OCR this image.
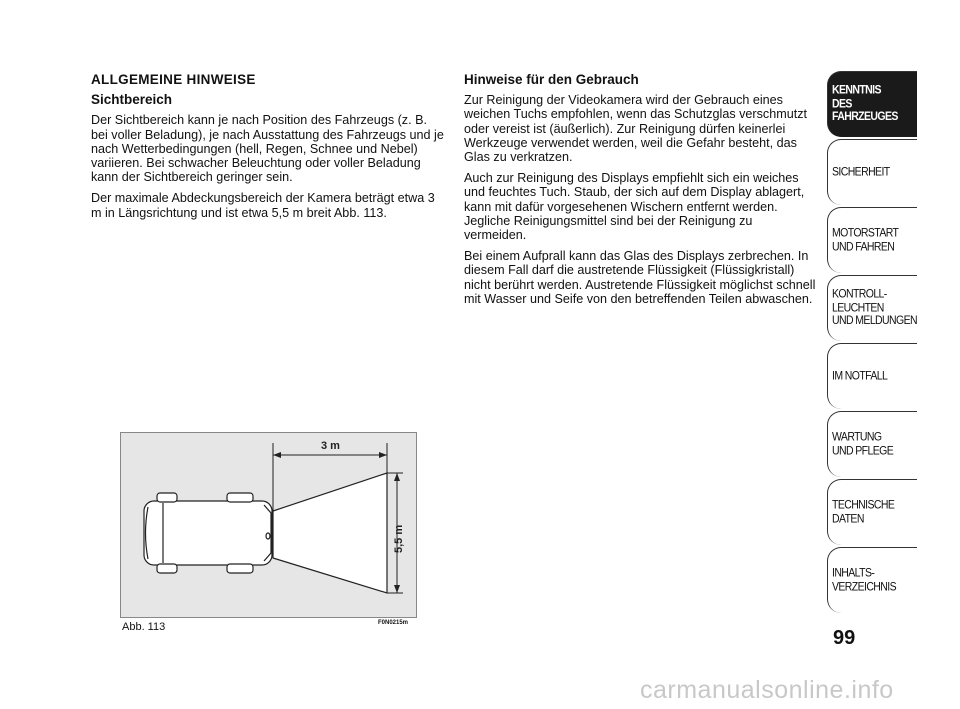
ALLGEMEINE HINWEISE
Sichtbereich

Der Sichtbereich kann je nach Position des Fahrzeugs (z. B. bei voller Beladung), je nach Ausstattung des Fahrzeugs und je nach Wetterbedingungen (hell, Regen, Schnee und Nebel) variieren. Bei schwacher Beleuchtung oder voller Beladung kann der Sichtbereich geringer sein.

Der maximale Abdeckungsbereich der Kamera beträgt etwa 3 m in Längsrichtung und ist etwa 5,5 m breit Abb. 113.

Hinweise für den Gebrauch

Zur Reinigung der Videokamera wird der Gebrauch eines weichen Tuchs empfohlen, wenn das Schutzglas verschmutzt oder vereist ist (äußerlich). Zur Reinigung dürfen keinerlei Werkzeuge verwendet werden, weil die Gefahr besteht, das Glas zu verkratzen.

Auch zur Reinigung des Displays empfiehlt sich ein weiches und feuchtes Tuch. Staub, der sich auf dem Display ablagert, kann mit dafür vorgesehenen Wischern entfernt werden. Jegliche Reinigungsmittel sind bei der Reinigung zu vermeiden.

Bei einem Aufprall kann das Glas des Displays zerbrechen. In diesem Fall darf die austretende Flüssigkeit (Flüssigkristall) nicht berührt werden. Austretende Flüssigkeit möglichst schnell mit Wasser und Seife von den betreffenden Teilen abwaschen.

3 m
5,5 m
Abb. 113	F0N0215m
KENNTNIS
DES FAHRZEUGES
SICHERHEIT
MOTORSTART
UND FAHREN
KONTROLL-
LEUCHTEN
UND MELDUNGEN
IM NOTFALL
WARTUNG
UND PFLEGE
TECHNISCHE
DATEN
INHALTS-
VERZEICHNIS
99
carmanualsonline.info
